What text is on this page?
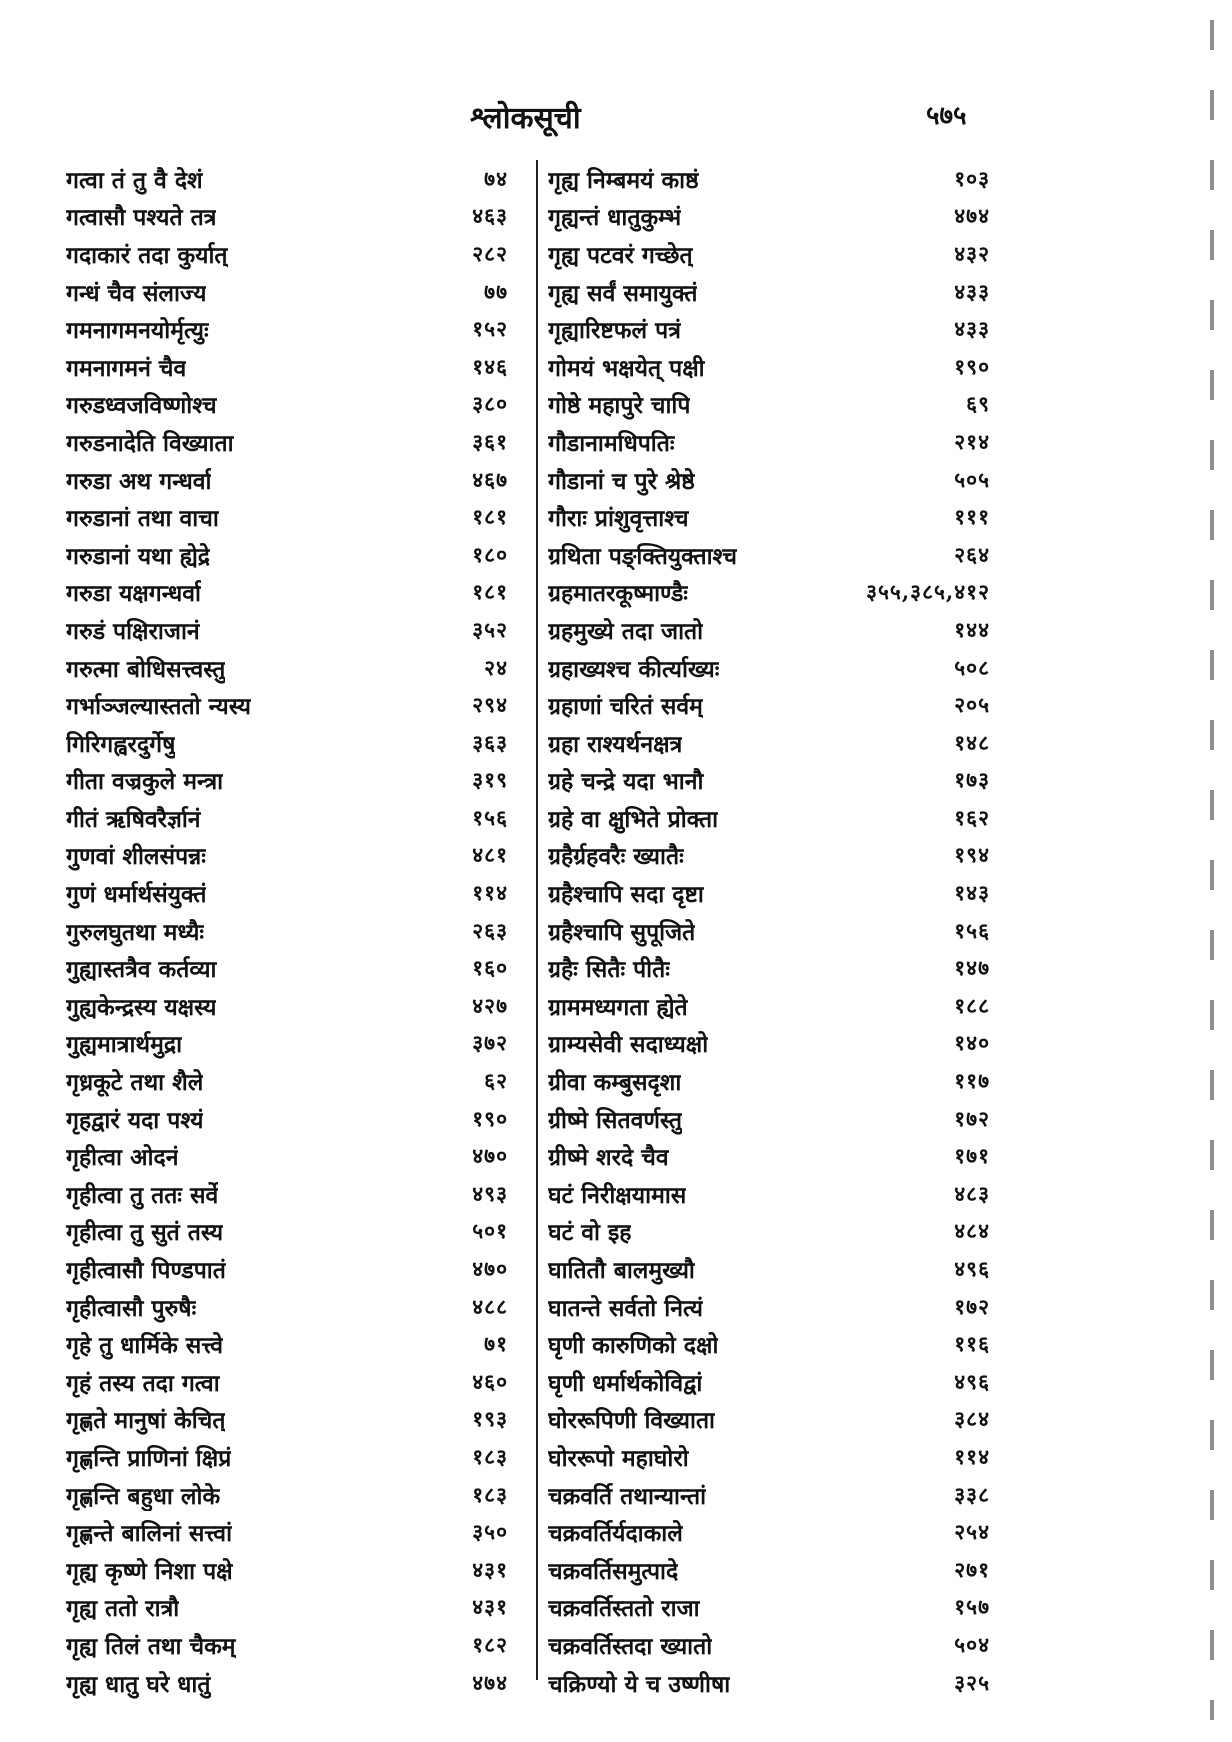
श्लोकसूची	५७५
गत्वा तं तु वै देशं	७४
गत्वासौ पश्यते तत्र	४६३
गदाकारं तदा कुर्यात्	२८२
गन्धं चैव संलाज्य	७७
गमनागमनयोर्मृत्युः	१५२
गमनागमनं चैव	१४६
गरुडध्वजविष्णोश्च	३८०
गरुडनादेति विख्याता	३६१
गरुडा अथ गन्धर्वा	४६७
गरुडानां तथा वाचा	१८१
गरुडानां यथा ह्येद्रे	१८०
गरुडा यक्षगन्धर्वा	१८१
गरुडं पक्षिराजानं	३५२
गरुत्मा बोधिसत्त्वस्तु	२४
गर्भाञ्जल्यास्ततो न्यस्य	२९४
गिरिगह्वरदुर्गेषु	३६३
गीता वज्रकुले मन्त्रा	३१९
गीतं ऋषिवरैर्ज्ञानं	१५६
गुणवां शीलसंपन्नः	४८१
गुणं धर्मार्थसंयुक्तं	११४
गुरुलघुतथा मध्यैः	२६३
गुह्यास्तत्रैव कर्तव्या	१६०
गुह्यकेन्द्रस्य यक्षस्य	४२७
गुह्यमात्रार्थमुद्रा	३७२
गृध्रकूटे तथा शैले	६२
गृहद्वारं यदा पश्यं	१९०
गृहीत्वा ओदनं	४७०
गृहीत्वा तु ततः सर्वे	४९३
गृहीत्वा तु सुतं तस्य	५०१
गृहीत्वासौ पिण्डपातं	४७०
गृहीत्वासौ पुरुषैः	४८८
गृहे तु धार्मिके सत्त्वे	७१
गृहं तस्य तदा गत्वा	४६०
गृह्णते मानुषां केचित्	१९३
गृह्णन्ति प्राणिनां क्षिप्रं	१८३
गृह्णन्ति बहुधा लोके	१८३
गृह्णन्ते बालिनां सत्त्वां	३५०
गृह्य कृष्णे निशा पक्षे	४३१
गृह्य ततो रात्रौ	४३१
गृह्य तिलं तथा चैकम्	१८२
गृह्य धातु घरे धातुं	४७४
गृह्य निम्बमयं काष्ठं	१०३
गृह्यन्तं धातुकुम्भं	४७४
गृह्य पटवरं गच्छेत्	४३२
गृह्य सर्वं समायुक्तं	४३३
गृह्यारिष्टफलं पत्रं	४३३
गोमयं भक्षयेत् पक्षी	१९०
गोष्ठे महापुरे चापि	६९
गौडानामधिपतिः	२१४
गौडानां च पुरे श्रेष्ठे	५०५
गौराः प्रांशुवृत्ताश्च	१११
ग्रथिता पङ्क्तियुक्ताश्च	२६४
ग्रहमातरकूष्माण्डैः	३५५,३८५,४१२
ग्रहमुख्ये तदा जातो	१४४
ग्रहाख्यश्च कीर्त्याख्यः	५०८
ग्रहाणां चरितं सर्वम्	२०५
ग्रहा राश्यर्थनक्षत्र	१४८
ग्रहे चन्द्रे यदा भानौ	१७३
ग्रहे वा क्षुभिते प्रोक्ता	१६२
ग्रहैर्ग्रहवरैः ख्यातैः	१९४
ग्रहैश्चापि सदा दृष्टा	१४३
ग्रहैश्चापि सुपूजिते	१५६
ग्रहैः सितैः पीतैः	१४७
ग्राममध्यगता ह्येते	१८८
ग्राम्यसेवी सदाध्यक्षो	१४०
ग्रीवा कम्बुसदृशा	११७
ग्रीष्मे सितवर्णस्तु	१७२
ग्रीष्मे शरदे चैव	१७१
घटं निरीक्षयामास	४८३
घटं वो इह	४८४
घातितौ बालमुख्यौ	४९६
घातन्ते सर्वतो नित्यं	१७२
घृणी कारुणिको दक्षो	११६
घृणी धर्मार्थकोविद्वां	४९६
घोररूपिणी विख्याता	३८४
घोररूपो महाघोरो	११४
चक्रवर्ति तथान्यान्तां	३३८
चक्रवर्तिर्यदाकाले	२५४
चक्रवर्तिसमुत्पादे	२७१
चक्रवर्तिस्ततो राजा	१५७
चक्रवर्तिस्तदा ख्यातो	५०४
चक्रिण्यो ये च उष्णीषा	३२५
